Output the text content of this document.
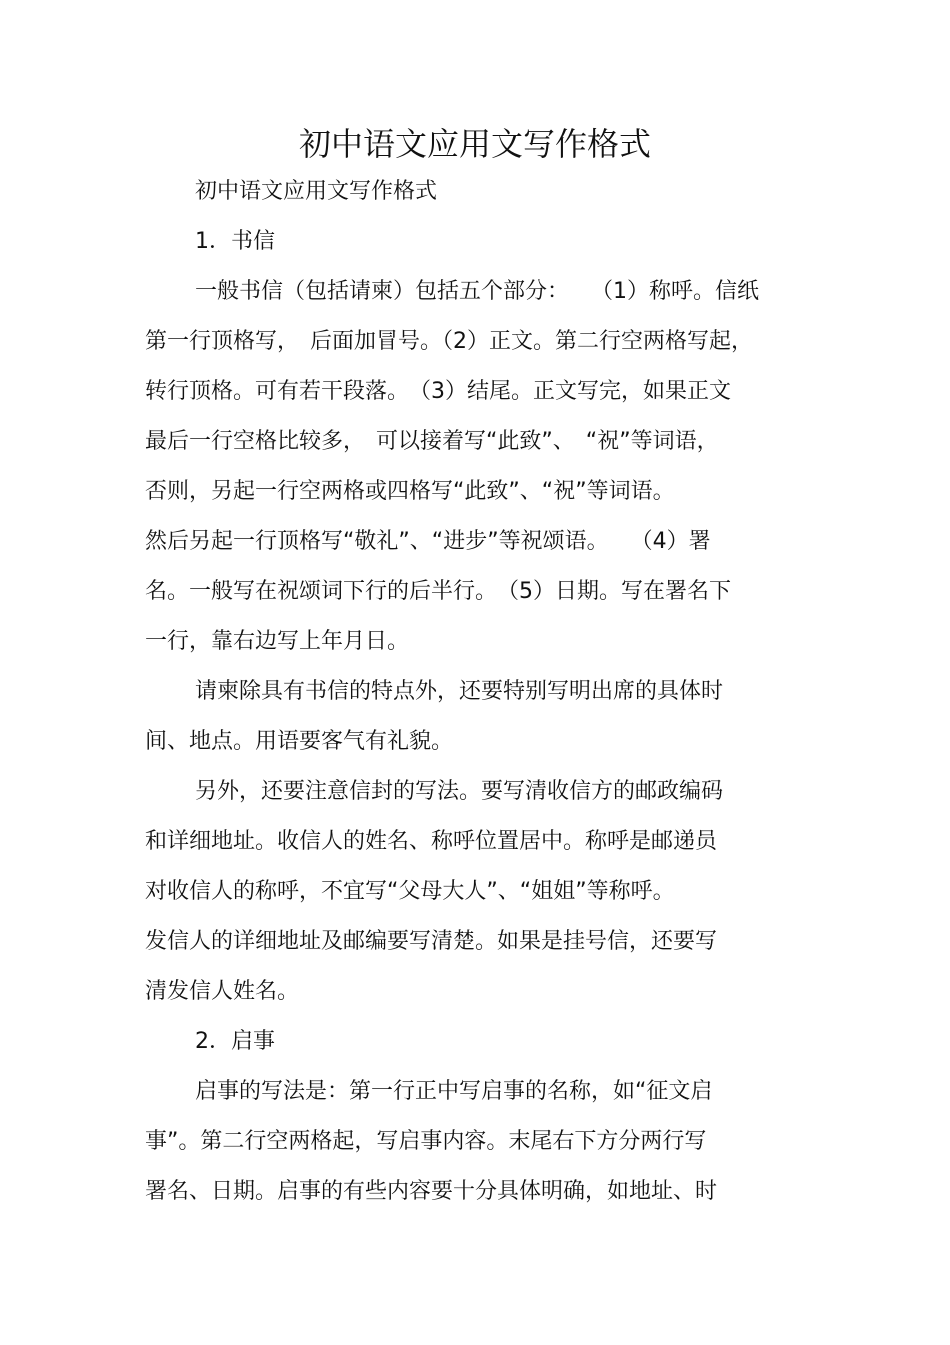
初中语文应用文写作格式
初中语文应用文写作格式
1．书信
一般书信（包括请柬）包括五个部分：　　（1）称呼。信纸
第一行顶格写，　后面加冒号。（2）正文。第二行空两格写起，
转行顶格。可有若干段落。　（3）结尾。正文写完，如果正文
最后一行空格比较多，　可以接着写“此致”、　“祝”等词语，
否则，另起一行空两格或四格写“此致”、“祝”等词语。
然后另起一行顶格写“敬礼”、“进步”等祝颂语。　　（4）署
名。一般写在祝颂词下行的后半行。　（5）日期。写在署名下
一行，靠右边写上年月日。
请柬除具有书信的特点外，还要特别写明出席的具体时
间、地点。用语要客气有礼貌。
另外，还要注意信封的写法。要写清收信方的邮政编码
和详细地址。收信人的姓名、称呼位置居中。称呼是邮递员
对收信人的称呼，不宜写“父母大人”、“姐姐”等称呼。
发信人的详细地址及邮编要写清楚。如果是挂号信，还要写
清发信人姓名。
2．启事
启事的写法是：第一行正中写启事的名称，如“征文启
事”。第二行空两格起，写启事内容。末尾右下方分两行写
署名、日期。启事的有些内容要十分具体明确，如地址、时
